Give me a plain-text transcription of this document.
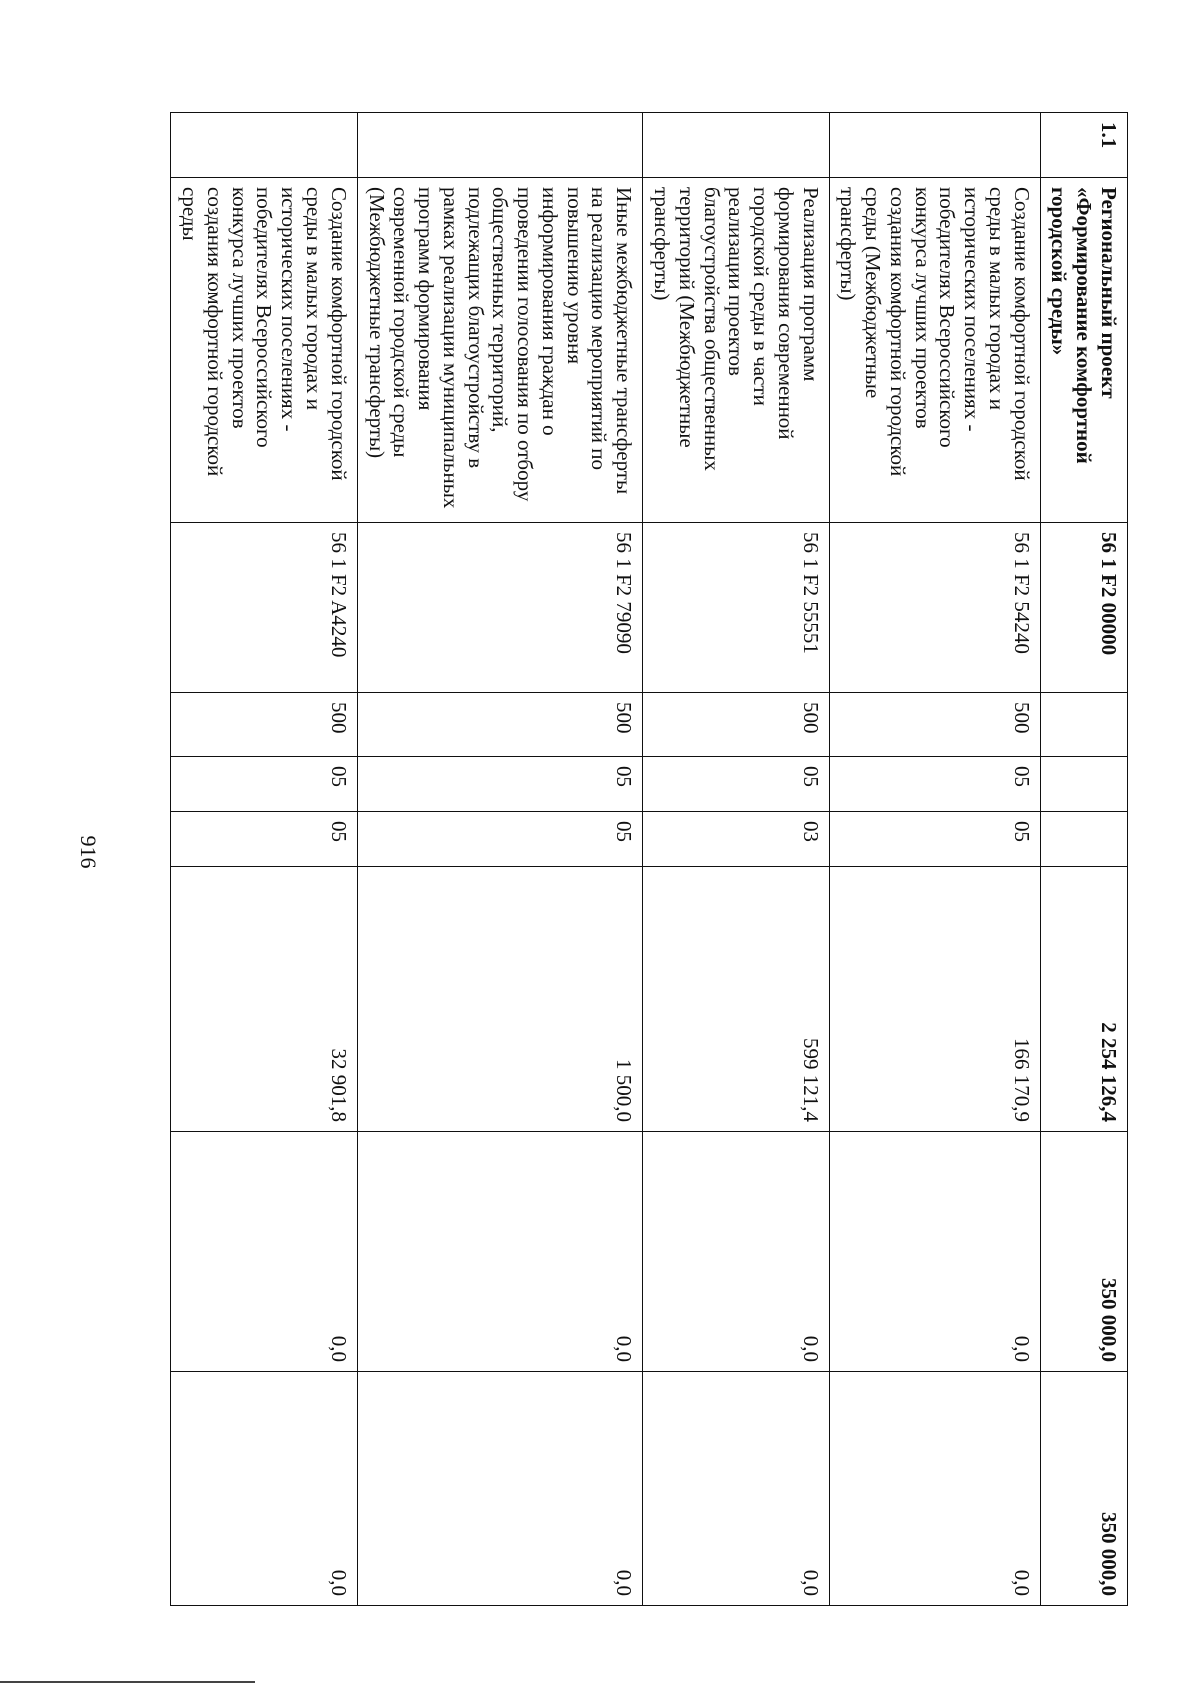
916
1.1	Региональный проект «Формирование комфортной городской среды»	56 1 F2 00000				2 254 126,4	350 000,0	350 000,0
	Создание комфортной городской среды в малых городах и исторических поселениях - победителях Всероссийского конкурса лучших проектов создания комфортной городской среды (Межбюджетные трансферты)	56 1 F2 54240	500	05	05	166 170,9	0,0	0,0
	Реализация программ формирования современной городской среды в части реализации проектов благоустройства общественных территорий (Межбюджетные трансферты)	56 1 F2 55551	500	05	03	599 121,4	0,0	0,0
	Иные межбюджетные трансферты на реализацию мероприятий по повышению уровня информирования граждан о проведении голосования по отбору общественных территорий, подлежащих благоустройству в рамках реализации муниципальных программ формирования современной городской среды (Межбюджетные трансферты)	56 1 F2 79090	500	05	05	1 500,0	0,0	0,0
	Создание комфортной городской среды в малых городах и исторических поселениях - победителях Всероссийского конкурса лучших проектов создания комфортной городской среды	56 1 F2 A4240	500	05	05	32 901,8	0,0	0,0
